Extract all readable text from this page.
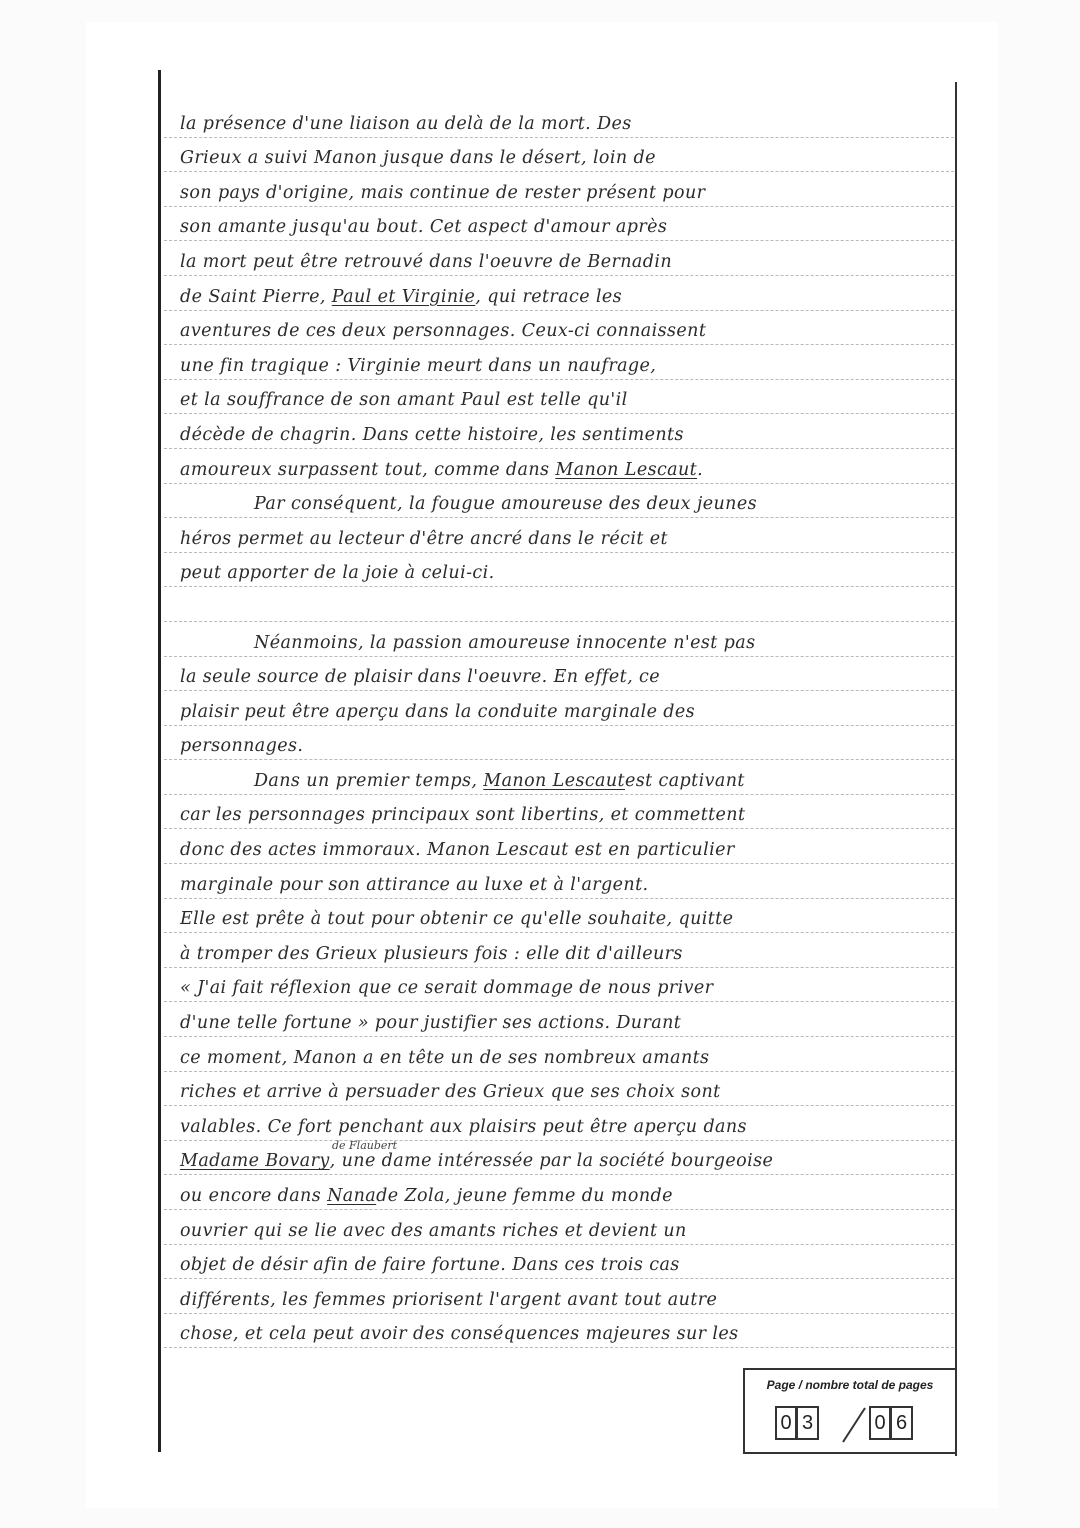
la présence d'une liaison au delà de la mort. Des
Grieux a suivi Manon jusque dans le désert, loin de
son pays d'origine, mais continue de rester présent pour
son amante jusqu'au bout. Cet aspect d'amour après
la mort peut être retrouvé dans l'oeuvre de Bernadin
de Saint Pierre,
Paul et Virginie , qui retrace les
aventures de ces deux personnages. Ceux-ci connaissent
une fin tragique : Virginie meurt dans un naufrage,
et la souffrance de son amant Paul est telle qu'il
décède de chagrin. Dans cette histoire, les sentiments
amoureux surpassent tout, comme dans
Manon Lescaut .
Par conséquent, la fougue amoureuse des deux jeunes
héros permet au lecteur d'être ancré dans le récit et
peut apporter de la joie à celui-ci.
Néanmoins, la passion amoureuse innocente n'est pas
la seule source de plaisir dans l'oeuvre. En effet, ce
plaisir peut être aperçu dans la conduite marginale des
personnages.
Dans un premier temps,
Manon Lescaut est captivant
car les personnages principaux sont libertins, et commettent
donc des actes immoraux. Manon Lescaut est en particulier
marginale pour son attirance au luxe et à l'argent.
Elle est prête à tout pour obtenir ce qu'elle souhaite, quitte
à tromper des Grieux plusieurs fois : elle dit d'ailleurs
« J'ai fait réflexion que ce serait dommage de nous priver
d'une telle fortune » pour justifier ses actions. Durant
ce moment, Manon a en tête un de ses nombreux amants
riches et arrive à persuader des Grieux que ses choix sont
valables. Ce fort penchant aux plaisirs peut être aperçu dans
Madame Bovary , une dame intéressée par la société bourgeoise
ou encore dans
Nana de Zola, jeune femme du monde
ouvrier qui se lie avec des amants riches et devient un
objet de désir afin de faire fortune. Dans ces trois cas
différents, les femmes priorisent l'argent avant tout autre
chose, et cela peut avoir des conséquences majeures sur les
de Flaubert
Page / nombre total de pages
0 3	0 6
